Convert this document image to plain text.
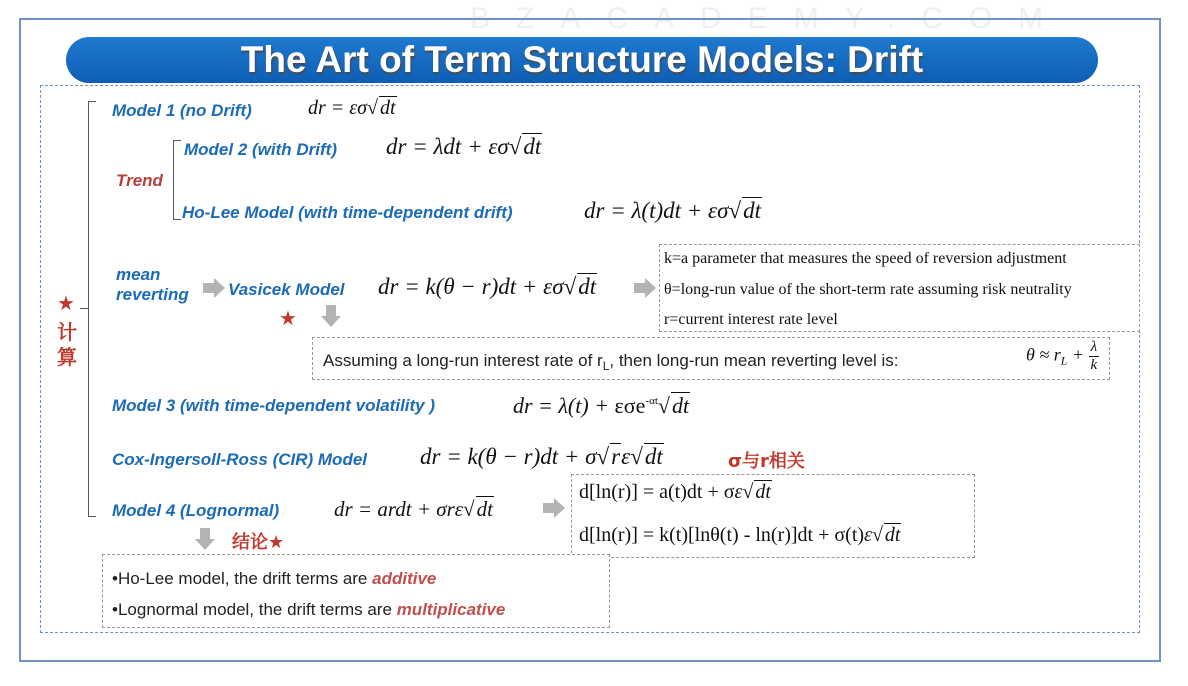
BZACADEMY.COM
The Art of Term Structure Models: Drift
★
计
算
Model 1 (no Drift)	dr = εσ√ dt
Trend
Model 2 (with Drift) dr = λdt + εσ√dt
Ho-Lee Model (with time-dependent drift)	dr = λ(t)dt + εσ√dt
mean
reverting Vasicek Model dr = k(θ − r)dt + εσ√dt
★
k=a parameter that measures the speed of reversion adjustment
θ=long-run value of the short-term rate assuming risk neutrality
r=current interest rate level
Assuming a long-run interest rate of $r_L$, then long-run mean reverting level is:	$\theta \approx r_L + \frac{\lambda}{k}$
Model 3 (with time-dependent volatility )	dr = λ(t) + εσe$^{-\alpha t}$√dt
Cox-Ingersoll-Ross (CIR) Model dr = k(θ − r)dt + σ√rε√dt	σ与r相关
Model 4 (Lognormal)	dr = ardt + σrε√dt
d[ln(r)] = a(t)dt + σε√ dt
d[ln(r)] = k(t)[lnθ(t) - ln(r)]dt + σ(t)ε√ dt
结论★
•Ho-Lee model, the drift terms are additive
•Lognormal model, the drift terms are multiplicative
